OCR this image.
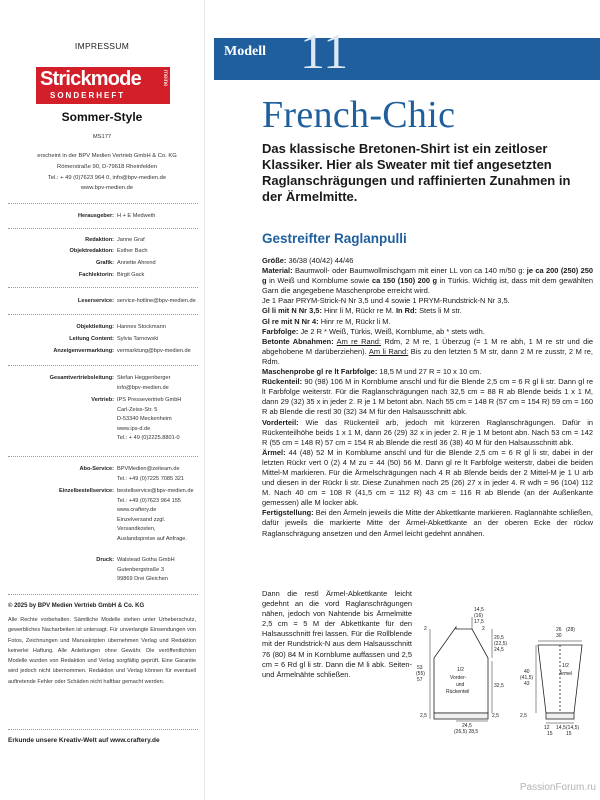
IMPRESSUM
Strickmode
SONDERHEFT
meine
Sommer-Style
MS177
erscheint in der BPV Medien Vertrieb GmbH & Co. KG
Römerstraße 90, D-79618 Rheinfelden
Tel.: + 49 (0)7623 964 0, info@bpv-medien.de
www.bpv-medien.de
Herausgeber: H + E Medweth
Redaktion: Janne Graf
Objektredaktion: Esther Bach
Grafik: Annette Ahrend
Fachlektorin: Birgit Gack
Leserservice: service-hotline@bpv-medien.de
Objektleitung: Hannes Stockmann
Leitung Content: Sylvia Tarnowski
Anzeigenvermarktung: vermarktung@bpv-medien.de
Gesamtvertriebsleitung: Stefan Heggenberger
info@bpv-medien.de
Vertrieb: IPS Pressevertrieb GmbH
Carl-Zeiss-Str. 5
D-53340 Meckenheim
www.ips-d.de
Tel.: + 49 (0)2225.8801-0
Abo-Service: BPVMedien@zeiteam.de
Tel.: +49 (0)7225 7085 321
Einzelbestellservice: bestellservice@bpv-medien.de
Tel.: +49 (0)7623 964 155
www.craftery.de
Einzelversand zzgl.
Versandkosten,
Auslandspreise auf Anfrage.
Druck: Walstead Gotha GmbH
Gutenbergstraße 3
99869 Drei Gleichen
© 2025 by BPV Medien Vertrieb GmbH & Co. KG
Alle Rechte vorbehalten. Sämtliche Modelle stehen unter Urheberschutz, gewerbliches Nacharbeiten ist untersagt. Für unverlangte Einsendungen von Fotos, Zeichnungen und Manuskripten übernehmen Verlag und Redaktion keinerlei Haftung. Alle Anleitungen ohne Gewähr. Die veröffentlichten Modelle wurden von Redaktion und Verlag sorgfältig geprüft. Eine Garantie wird jedoch nicht übernommen. Redaktion und Verlag können für eventuell auftretende Fehler oder Schäden nicht haftbar gemacht werden.
Erkunde unsere Kreativ-Welt auf www.craftery.de
Modell 11
French-Chic
Das klassische Bretonen-Shirt ist ein zeitloser Klassiker. Hier als Sweater mit tief angesetzten Raglanschrägungen und raffinierten Zunahmen in der Ärmelmitte.
Gestreifter Raglanpulli

Größe: 36/38 (40/42) 44/46

Material: Baumwoll- oder Baumwollmischgarn mit einer LL von ca 140 m/50 g: je ca 200 (250) 250 g in Weiß und Kornblume sowie ca 150 (150) 200 g in Türkis. Wichtig ist, dass mit dem gewählten Garn die angegebene Maschenprobe erreicht wird.

Je 1 Paar PRYM-Strick-N Nr 3,5 und 4 sowie 1 PRYM-Rundstrick-N Nr 3,5.

Gl li mit N Nr 3,5: Hinr li M, Rückr re M. In Rd: Stets li M str.

Gl re mit N Nr 4: Hinr re M, Rückr li M.

Farbfolge: Je 2 R * Weiß, Türkis, Weiß, Kornblume, ab * stets wdh.

Betonte Abnahmen: Am re Rand: Rdm, 2 M re, 1 Überzug (= 1 M re abh, 1 M re str und die abgehobene M darüberziehen). Am li Rand: Bis zu den letzten 5 M str, dann 2 M re zusstr, 2 M re, Rdm.

Maschenprobe gl re lt Farbfolge: 18,5 M und 27 R = 10 x 10 cm.

Rückenteil: 90 (98) 106 M in Kornblume anschl und für die Blende 2,5 cm = 6 R gl li str. Dann gl re lt Farbfolge weiterstr. Für die Raglanschrägungen nach 32,5 cm = 88 R ab Blende beids 1 x 1 M, dann 29 (32) 35 x in jeder 2. R je 1 M betont abn. Nach 55 cm = 148 R (57 cm = 154 R) 59 cm = 160 R ab Blende die restl 30 (32) 34 M für den Halsausschnitt abk.

Vorderteil: Wie das Rückenteil arb, jedoch mit kürzeren Raglanschrägungen. Dafür in Rückenteilhöhe beids 1 x 1 M, dann 26 (29) 32 x in jeder 2. R je 1 M betont abn. Nach 53 cm = 142 R (55 cm = 148 R) 57 cm = 154 R ab Blende die restl 36 (38) 40 M für den Halsausschnitt abk.

Ärmel: 44 (48) 52 M in Kornblume anschl und für die Blende 2,5 cm = 6 R gl li str, dabei in der letzten Rückr vert 0 (2) 4 M zu = 44 (50) 56 M. Dann gl re lt Farbfolge weiterstr, dabei die beiden Mittel-M markieren. Für die Ärmelschrägungen nach 4 R ab Blende beids der 2 Mittel-M je 1 U arb und diesen in der Rückr li str. Diese Zunahmen noch 25 (26) 27 x in jeder 4. R wdh = 96 (104) 112 M. Nach 40 cm = 108 R (41,5 cm = 112 R) 43 cm = 116 R ab Blende (an der Außenkante gemessen) alle M locker abk.

Fertigstellung: Bei den Ärmeln jeweils die Mitte der Abkettkante markieren. Raglannähte schließen, dafür jeweils die markierte Mitte der Ärmel-Abkettkante an der oberen Ecke der rückw Raglanschrägung ansetzen und den Ärmel leicht gedehnt annähen.

Dann die restl Ärmel-Abkettkante leicht gedehnt an die vord Raglanschrägungen nähen, jedoch von Nahtende bis Ärmelmitte 2,5 cm = 5 M der Abkettkante für den Halsausschnitt frei lassen. Für die Rollblende mit der Rundstrick-N aus dem Halsausschnitt 76 (80) 84 M in Kornblume auffassen und 2,5 cm = 6 Rd gl li str. Dann die M li abk. Seiten- und Ärmelnähte schließen.	1/2
Vorder-
und
Rückenteil
14,5
(16)
17,5
2	2
20,5
(22,5)
24,5
32,5
53
(55)
57
2,5	2,5
24,5
(26,5) 28,5
26 (28)
30
1/2
Ärmel
40
(41,5)
43
2,5
12 14,5 (14,5)
15	15
PassionForum.ru
